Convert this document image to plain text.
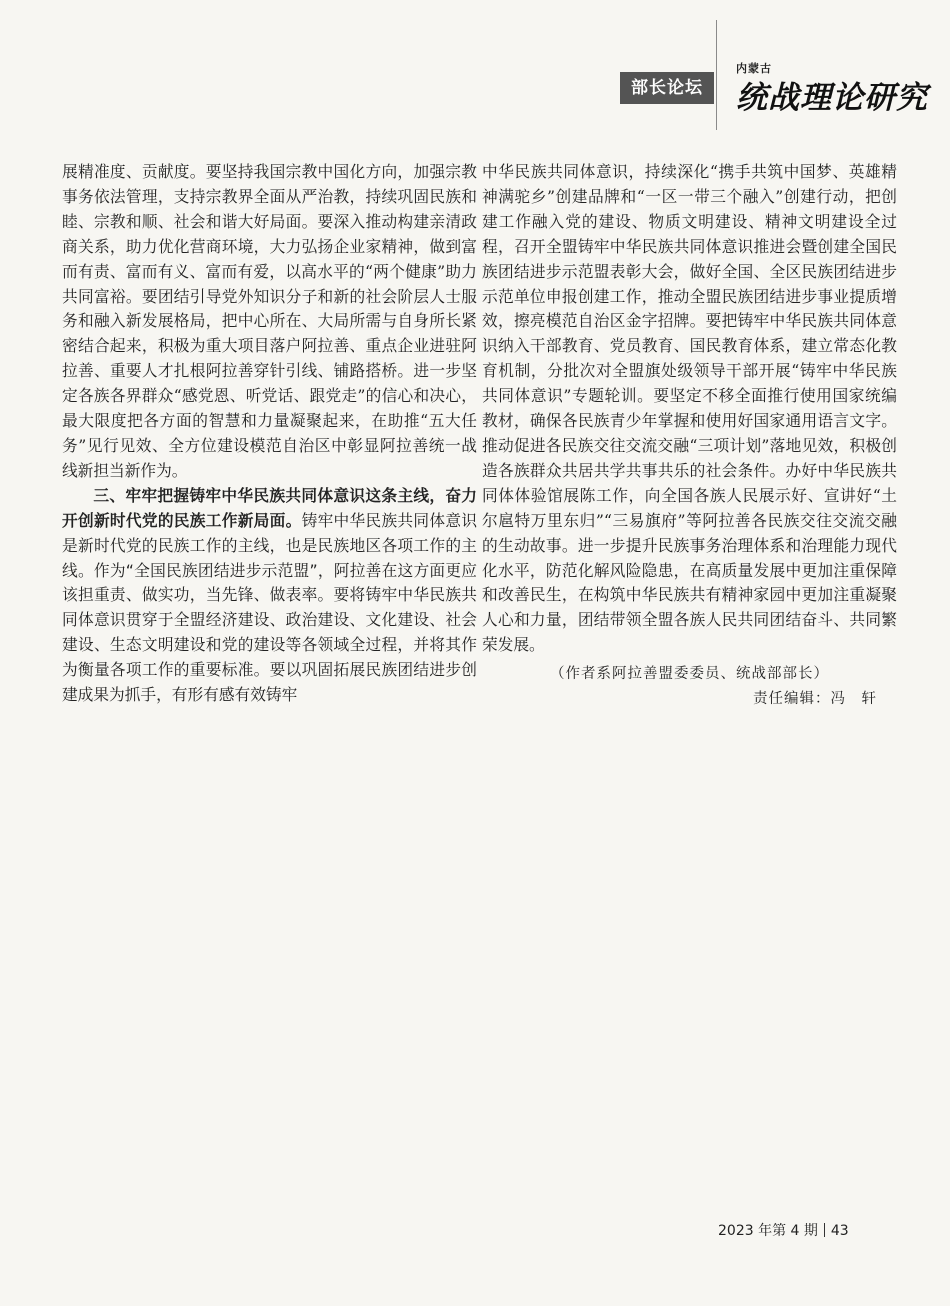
部长论坛
内蒙古
统战理论研究

展精准度、贡献度。要坚持我国宗教中国化方向，加强宗教事务依法管理，支持宗教界全面从严治教，持续巩固民族和睦、宗教和顺、社会和谐大好局面。要深入推动构建亲清政商关系，助力优化营商环境，大力弘扬企业家精神，做到富而有责、富而有义、富而有爱，以高水平的“两个健康”助力共同富裕。要团结引导党外知识分子和新的社会阶层人士服务和融入新发展格局，把中心所在、大局所需与自身所长紧密结合起来，积极为重大项目落户阿拉善、重点企业进驻阿拉善、重要人才扎根阿拉善穿针引线、铺路搭桥。进一步坚定各族各界群众“感党恩、听党话、跟党走”的信心和决心，最大限度把各方面的智慧和力量凝聚起来，在助推“五大任务”见行见效、全方位建设模范自治区中彰显阿拉善统一战线新担当新作为。

三、牢牢把握铸牢中华民族共同体意识这条主线，奋力开创新时代党的民族工作新局面。铸牢中华民族共同体意识是新时代党的民族工作的主线，也是民族地区各项工作的主线。作为“全国民族团结进步示范盟”，阿拉善在这方面更应该担重责、做实功，当先锋、做表率。要将铸牢中华民族共同体意识贯穿于全盟经济建设、政治建设、文化建设、社会建设、生态文明建设和党的建设等各领域全过程，并将其作为衡量各项工作的重要标准。要以巩固拓展民族团结进步创建成果为抓手，有形有感有效铸牢

中华民族共同体意识，持续深化“携手共筑中国梦、英雄精神满驼乡”创建品牌和“一区一带三个融入”创建行动，把创建工作融入党的建设、物质文明建设、精神文明建设全过程，召开全盟铸牢中华民族共同体意识推进会暨创建全国民族团结进步示范盟表彰大会，做好全国、全区民族团结进步示范单位申报创建工作，推动全盟民族团结进步事业提质增效，擦亮模范自治区金字招牌。要把铸牢中华民族共同体意识纳入干部教育、党员教育、国民教育体系，建立常态化教育机制，分批次对全盟旗处级领导干部开展“铸牢中华民族共同体意识”专题轮训。要坚定不移全面推行使用国家统编教材，确保各民族青少年掌握和使用好国家通用语言文字。推动促进各民族交往交流交融“三项计划”落地见效，积极创造各族群众共居共学共事共乐的社会条件。办好中华民族共同体体验馆展陈工作，向全国各族人民展示好、宣讲好“土尔扈特万里东归”“三易旗府”等阿拉善各民族交往交流交融的生动故事。进一步提升民族事务治理体系和治理能力现代化水平，防范化解风险隐患，在高质量发展中更加注重保障和改善民生，在构筑中华民族共有精神家园中更加注重凝聚人心和力量，团结带领全盟各族人民共同团结奋斗、共同繁荣发展。

（作者系阿拉善盟委委员、统战部部长）
责任编辑：冯　轩
2023 年第 4 期 43
